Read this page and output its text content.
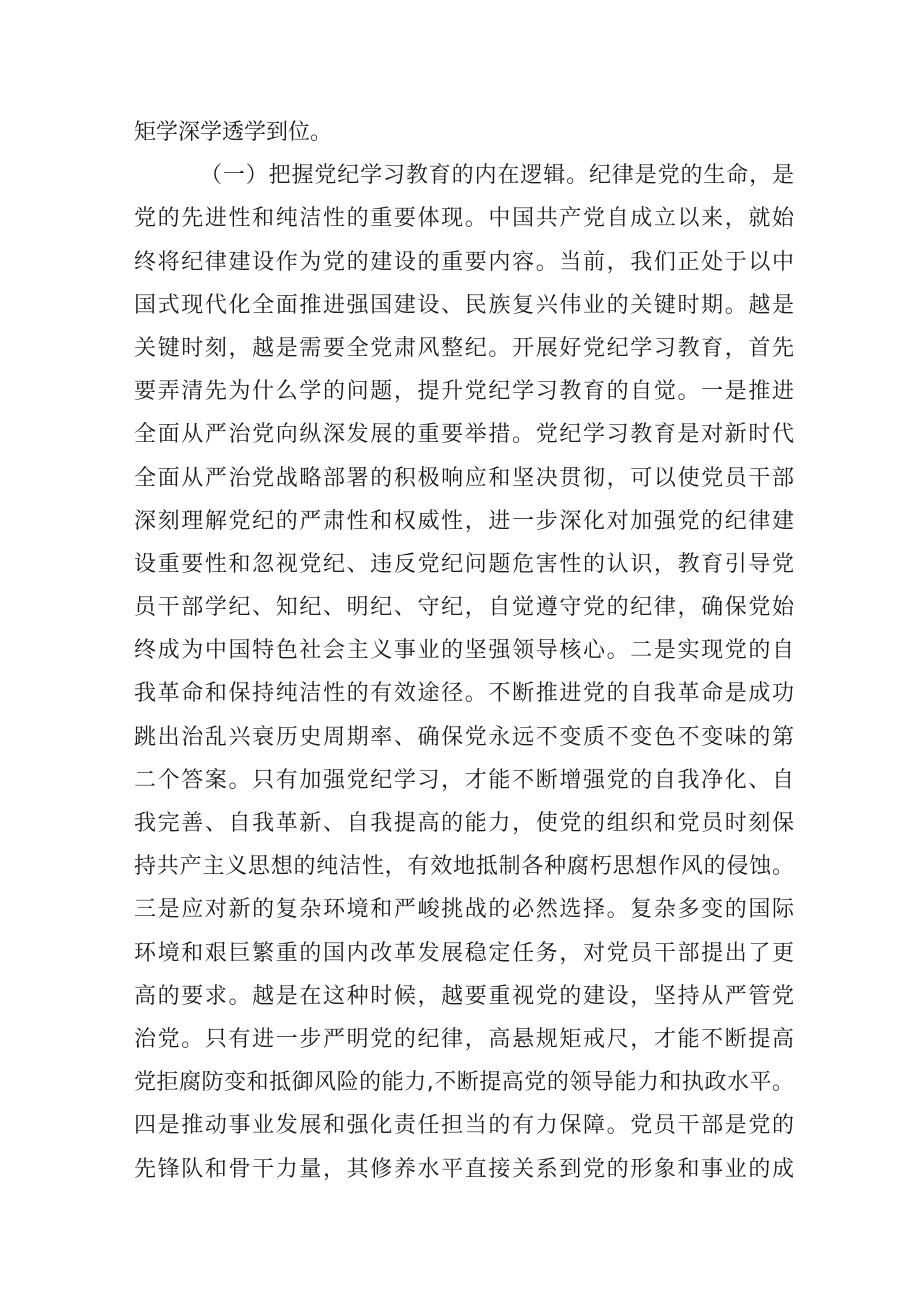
矩学深学透学到位。
（一）把握党纪学习教育的内在逻辑。纪律是党的生命，是
党的先进性和纯洁性的重要体现。中国共产党自成立以来，就始
终将纪律建设作为党的建设的重要内容。当前，我们正处于以中
国式现代化全面推进强国建设、民族复兴伟业的关键时期。越是
关键时刻，越是需要全党肃风整纪。开展好党纪学习教育，首先
要弄清先为什么学的问题，提升党纪学习教育的自觉。一是推进
全面从严治党向纵深发展的重要举措。党纪学习教育是对新时代
全面从严治党战略部署的积极响应和坚决贯彻，可以使党员干部
深刻理解党纪的严肃性和权威性，进一步深化对加强党的纪律建
设重要性和忽视党纪、违反党纪问题危害性的认识，教育引导党
员干部学纪、知纪、明纪、守纪，自觉遵守党的纪律，确保党始
终成为中国特色社会主义事业的坚强领导核心。二是实现党的自
我革命和保持纯洁性的有效途径。不断推进党的自我革命是成功
跳出治乱兴衰历史周期率、确保党永远不变质不变色不变味的第
二个答案。只有加强党纪学习，才能不断增强党的自我净化、自
我完善、自我革新、自我提高的能力，使党的组织和党员时刻保
持共产主义思想的纯洁性，有效地抵制各种腐朽思想作风的侵蚀。
三是应对新的复杂环境和严峻挑战的必然选择。复杂多变的国际
环境和艰巨繁重的国内改革发展稳定任务，对党员干部提出了更
高的要求。越是在这种时候，越要重视党的建设，坚持从严管党
治党。只有进一步严明党的纪律，高悬规矩戒尺，才能不断提高
党拒腐防变和抵御风险的能力,不断提高党的领导能力和执政水平。
四是推动事业发展和强化责任担当的有力保障。党员干部是党的
先锋队和骨干力量，其修养水平直接关系到党的形象和事业的成
